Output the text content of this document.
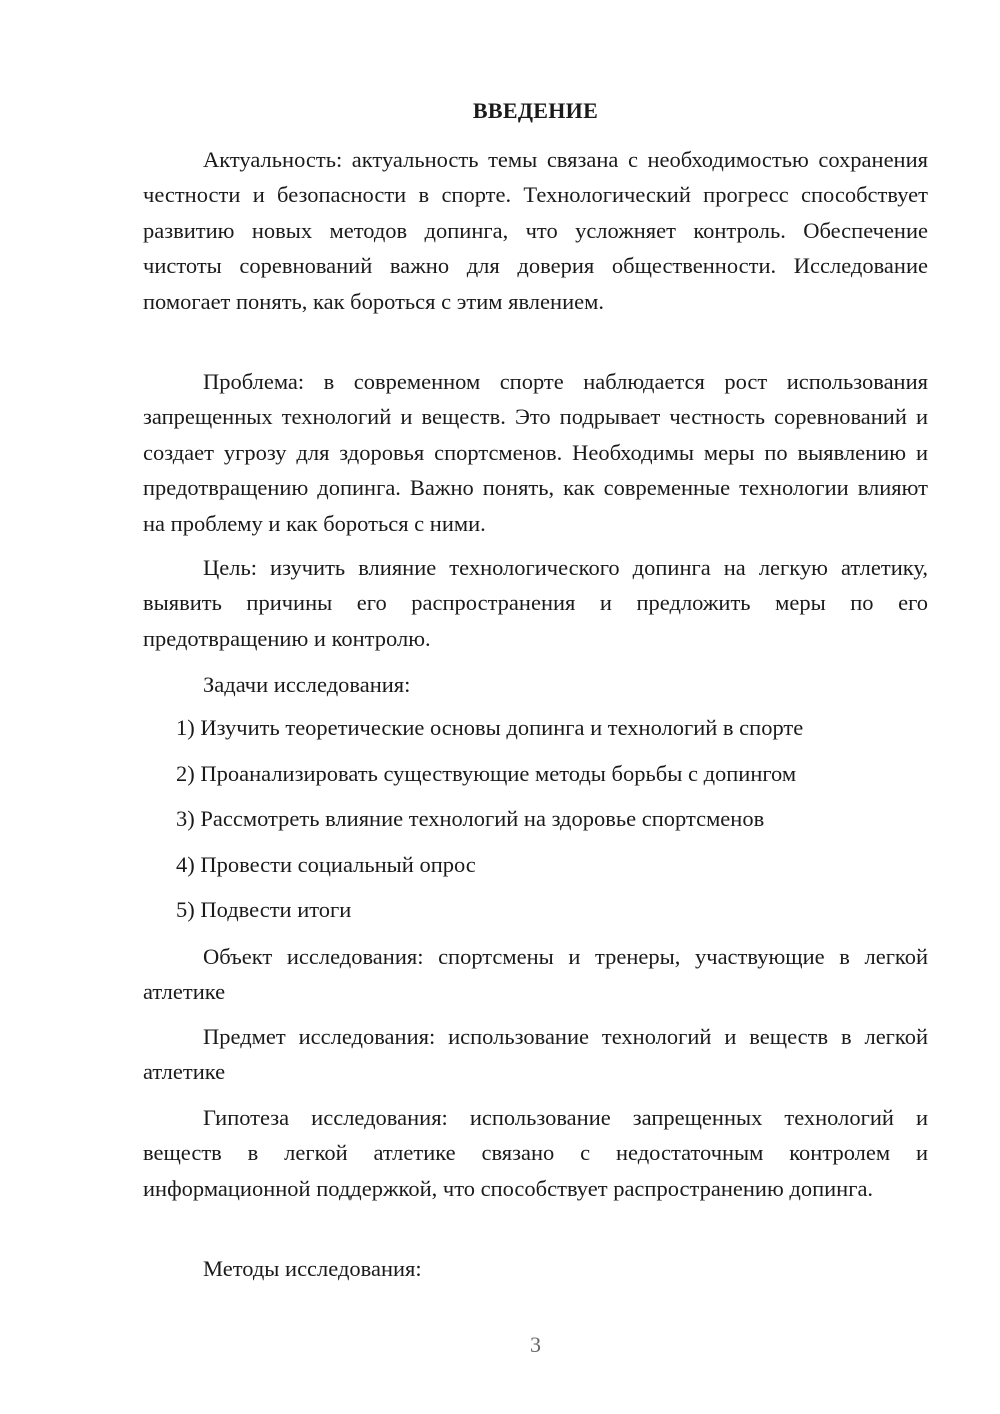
ВВЕДЕНИЕ

Актуальность: актуальность темы связана с необходимостью сохранения честности и безопасности в спорте. Технологический прогресс способствует развитию новых методов допинга, что усложняет контроль. Обеспечение чистоты соревнований важно для доверия общественности. Исследование помогает понять, как бороться с этим явлением.

Проблема: в современном спорте наблюдается рост использования запрещенных технологий и веществ. Это подрывает честность соревнований и создает угрозу для здоровья спортсменов. Необходимы меры по выявлению и предотвращению допинга. Важно понять, как современные технологии влияют на проблему и как бороться с ними.

Цель: изучить влияние технологического допинга на легкую атлетику, выявить причины его распространения и предложить меры по его предотвращению и контролю.

Задачи исследования:

1) Изучить теоретические основы допинга и технологий в спорте
2) Проанализировать существующие методы борьбы с допингом
3) Рассмотреть влияние технологий на здоровье спортсменов
4) Провести социальный опрос
5) Подвести итоги

Объект исследования: спортсмены и тренеры, участвующие в легкой атлетике

Предмет исследования: использование технологий и веществ в легкой атлетике

Гипотеза исследования: использование запрещенных технологий и веществ в легкой атлетике связано с недостаточным контролем и информационной поддержкой, что способствует распространению допинга.

Методы исследования:

3
